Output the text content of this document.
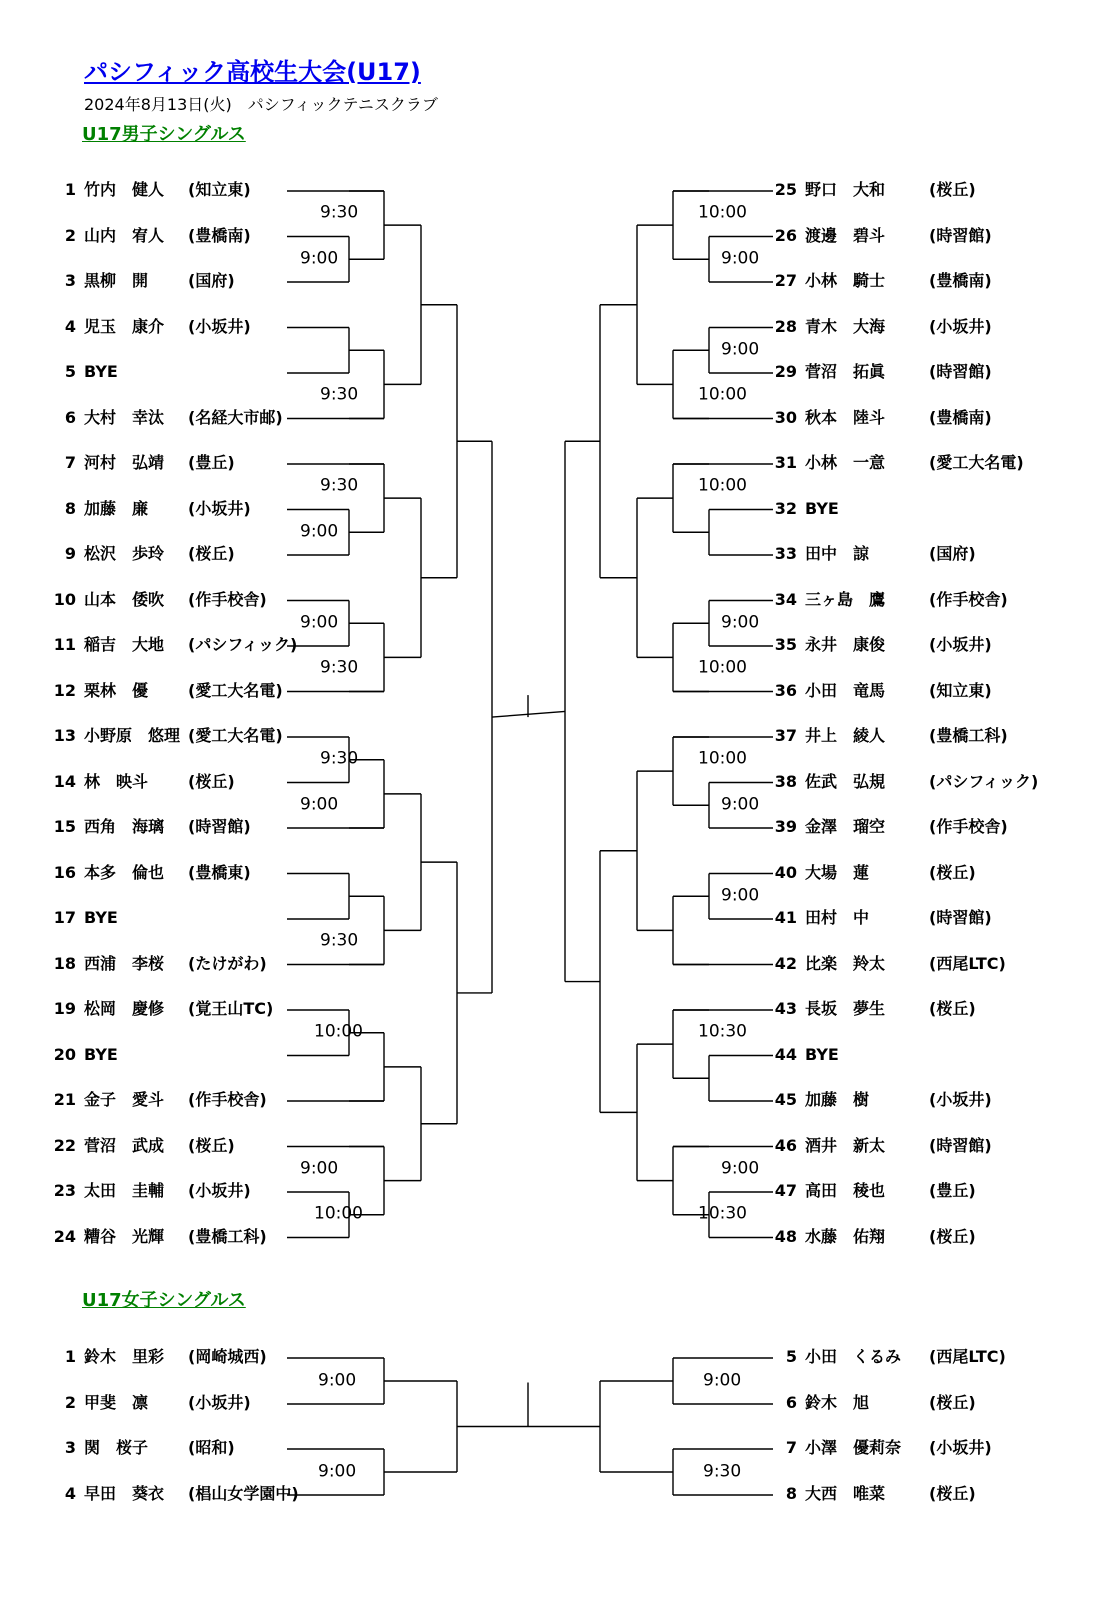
パシフィック高校生大会(U17)
2024年8月13日(火)　パシフィックテニスクラブ
U17男子シングルス
U17女子シングルス
1 竹内　健人 (知立東)
2 山内　宥人 (豊橋南)
3 黒柳　開 (国府)
4 児玉　康介 (小坂井)
5 BYE
6 大村　幸汰 (名経大市邮)
7 河村　弘靖 (豊丘)
8 加藤　廉 (小坂井)
9 松沢　歩玲 (桜丘)
10 山本　倭吹 (作手校舎)
11 稲吉　大地 (パシフィック)
12 栗林　優 (愛工大名電)
13 小野原　悠理 (愛工大名電)
14 林　映斗 (桜丘)
15 西角　海璃 (時習館)
16 本多　倫也 (豊橋東)
17 BYE
18 西浦　李桜 (たけがわ)
19 松岡　慶修 (覚王山TC)
20 BYE
21 金子　愛斗 (作手校舎)
22 菅沼　武成 (桜丘)
23 太田　圭輔 (小坂井)
24 糟谷　光輝 (豊橋工科)
25 野口　大和	(桜丘)
26 渡邊　碧斗	(時習館)
27 小林　騎士	(豊橋南)
28 青木　大海	(小坂井)
29 菅沼　拓眞	(時習館)
30 秋本　陸斗	(豊橋南)
31 小林　一意	(愛工大名電)
32 BYE
33 田中　諒	(国府)
34 三ヶ島　鷹	(作手校舎)
35 永井　康俊	(小坂井)
36 小田　竜馬	(知立東)
37 井上　綾人	(豊橋工科)
38 佐武　弘規	(パシフィック)
39 金澤　瑠空	(作手校舎)
40 大場　蓮	(桜丘)
41 田村　中	(時習館)
42 比楽　羚太	(西尾LTC)
43 長坂　夢生	(桜丘)
44 BYE
45 加藤　樹	(小坂井)
46 酒井　新太	(時習館)
47 高田　稜也	(豊丘)
48 水藤　佑翔	(桜丘)
9:30
9:00
9:30
9:30
9:00
9:00
9:30
9:30
9:00
9:30
10:00
9:00
10:00
10:00
9:00
9:00
10:00
10:00
9:00
10:00
10:00
9:00
9:00
10:30
9:00
10:30
1 鈴木　里彩 (岡崎城西)
2 甲斐　凛 (小坂井)
3 関　桜子 (昭和)
4 早田　葵衣 (椙山女学園中)
5 小田　くるみ (西尾LTC)
6 鈴木　旭	(桜丘)
7 小澤　優莉奈 (小坂井)
8 大西　唯菜	(桜丘)
9:00
9:00
9:00
9:30
